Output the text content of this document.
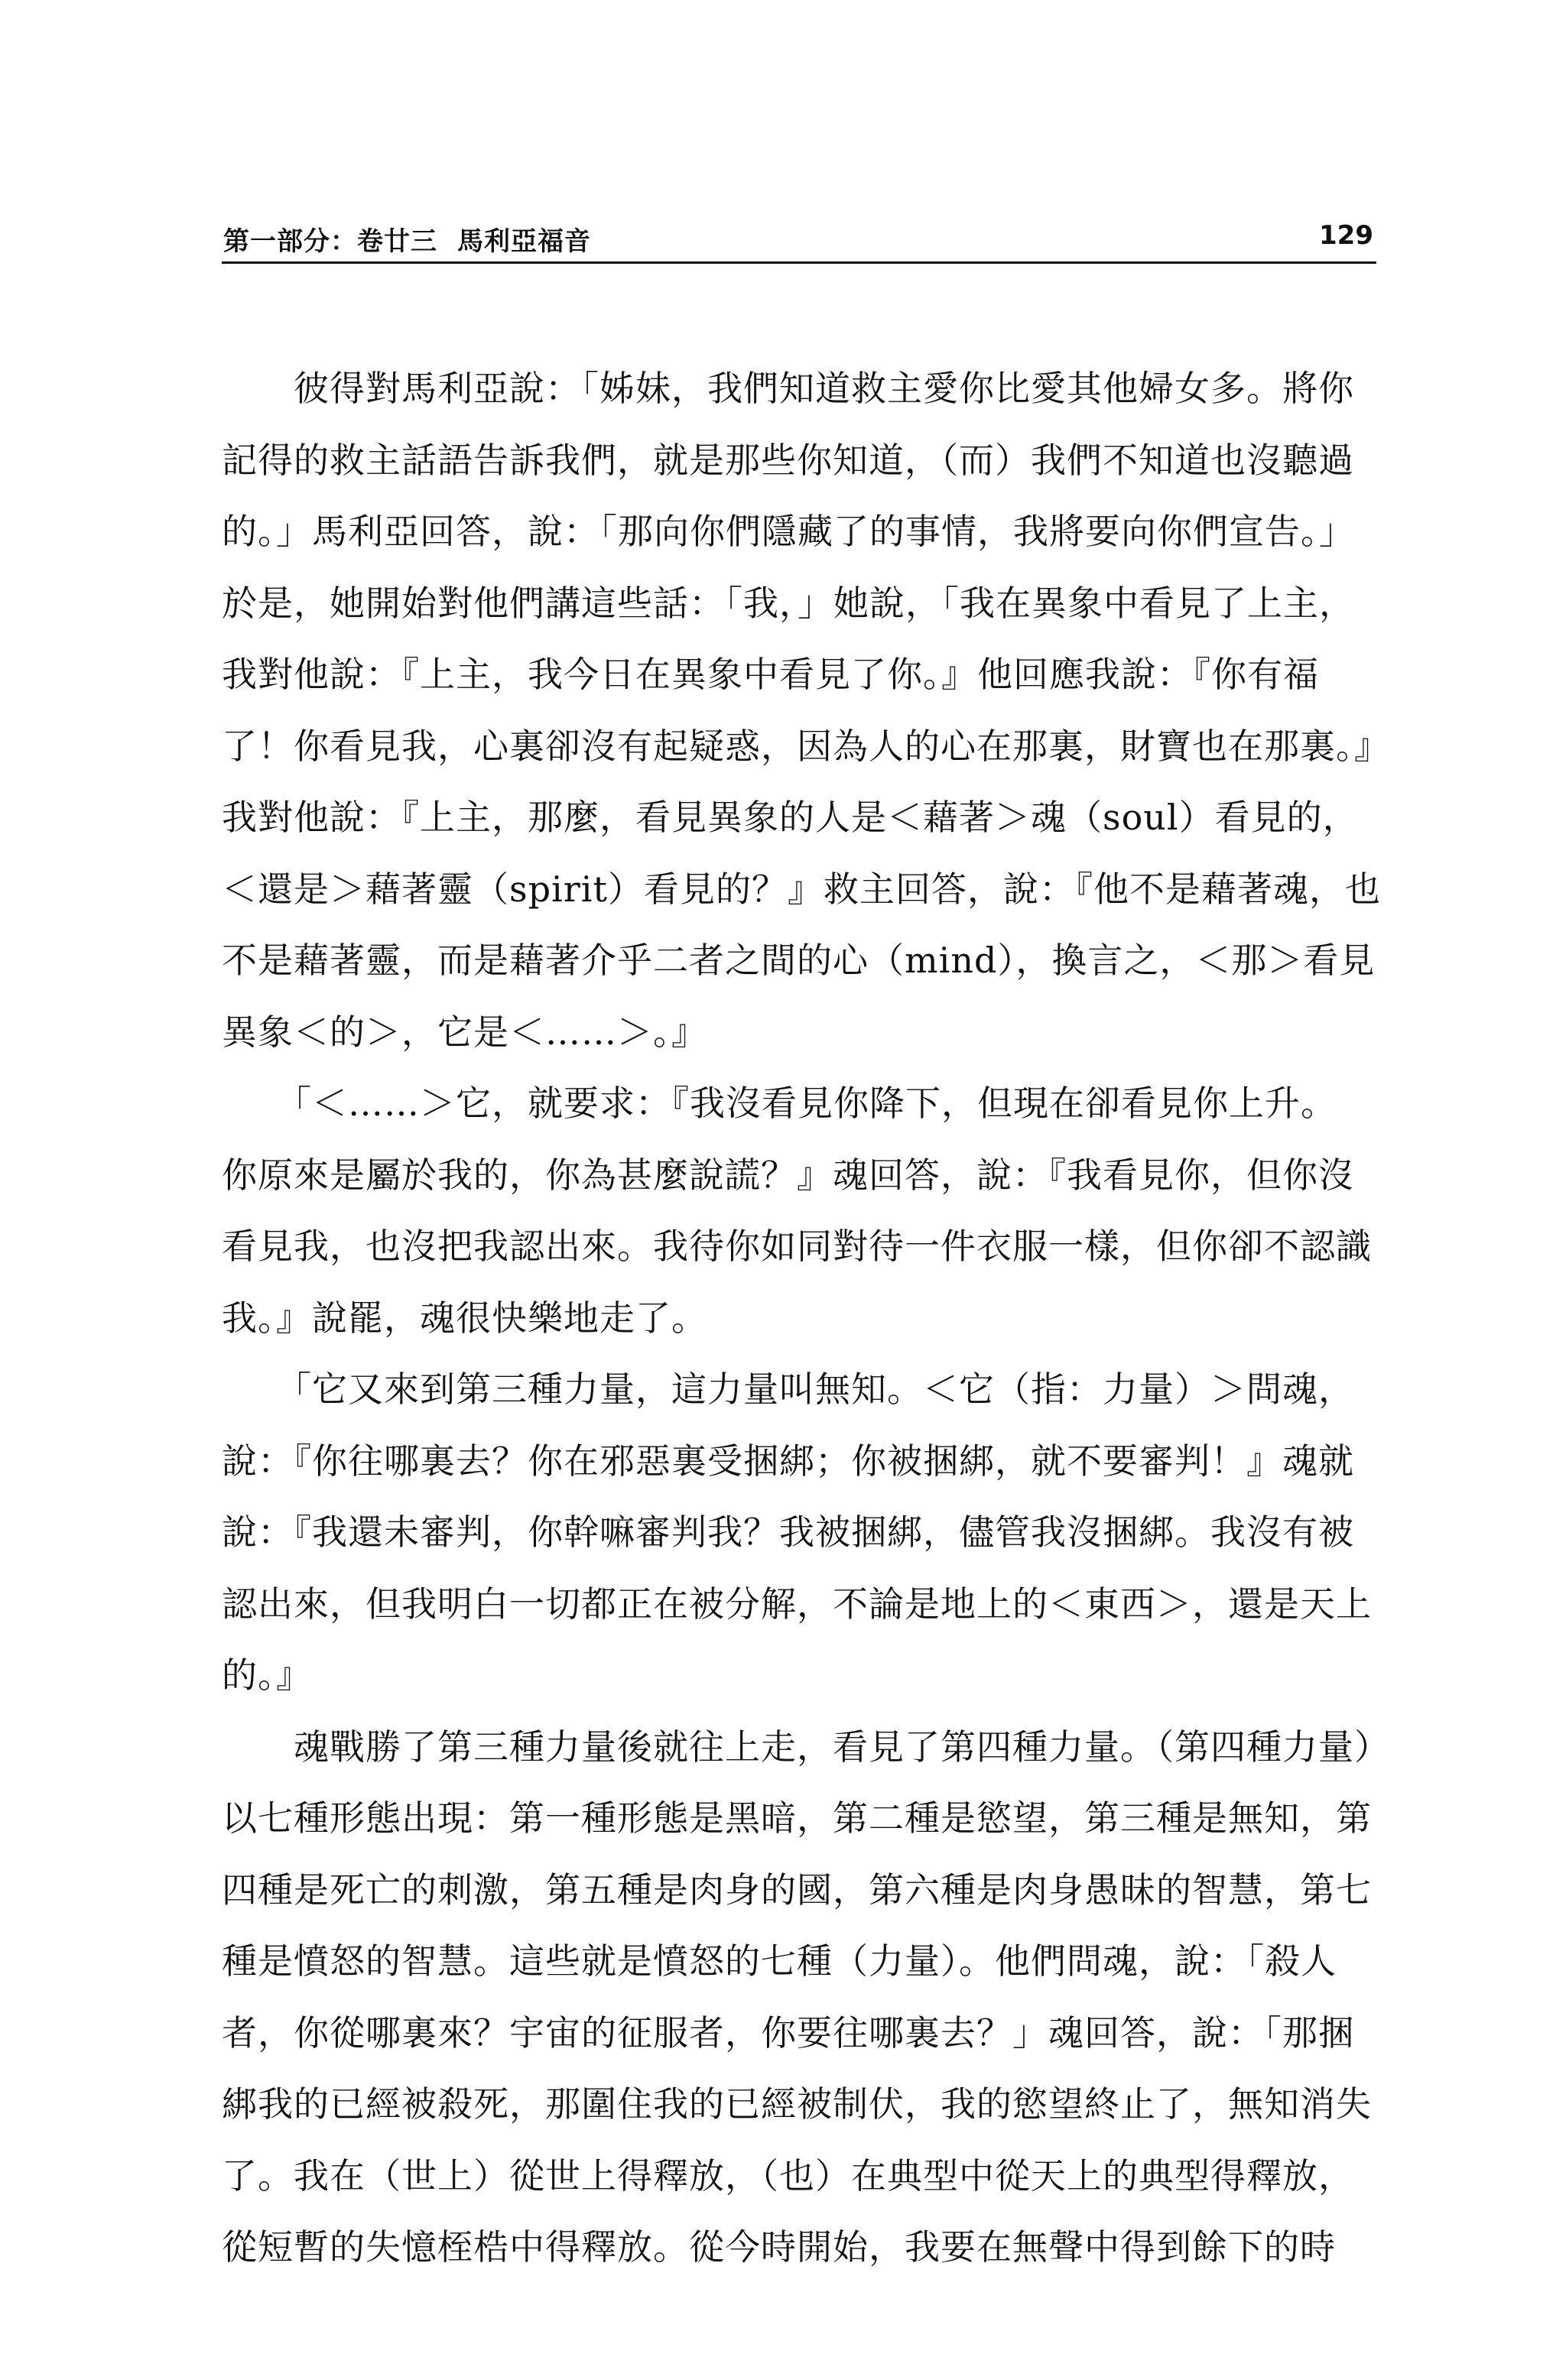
第一部分：卷廿三 馬利亞福音	129
　　彼得對馬利亞說：「姊妹，我們知道救主愛你比愛其他婦女多。將你
記得的救主話語告訴我們，就是那些你知道，（而）我們不知道也沒聽過
的。」馬利亞回答，說：「那向你們隱藏了的事情，我將要向你們宣告。」
於是，她開始對他們講這些話：「我，」她說，「我在異象中看見了上主，
我對他說：『上主，我今日在異象中看見了你。』他回應我說：『你有福
了！你看見我，心裏卻沒有起疑惑，因為人的心在那裏，財寶也在那裏。』
我對他說：『上主，那麼，看見異象的人是＜藉著＞魂（soul）看見的，
＜還是＞藉著靈（spirit）看見的？』救主回答，說：『他不是藉著魂，也
不是藉著靈，而是藉著介乎二者之間的心（mind），換言之，＜那＞看見
異象＜的＞，它是＜……＞。』
　　「＜……＞它，就要求：『我沒看見你降下，但現在卻看見你上升。
你原來是屬於我的，你為甚麼說謊？』魂回答，說：『我看見你，但你沒
看見我，也沒把我認出來。我待你如同對待一件衣服一樣，但你卻不認識
我。』說罷，魂很快樂地走了。
　　「它又來到第三種力量，這力量叫無知。＜它（指：力量）＞問魂，
說：『你往哪裏去？你在邪惡裏受捆綁；你被捆綁，就不要審判！』魂就
說：『我還未審判，你幹嘛審判我？我被捆綁，儘管我沒捆綁。我沒有被
認出來，但我明白一切都正在被分解，不論是地上的＜東西＞，還是天上
的。』
　　魂戰勝了第三種力量後就往上走，看見了第四種力量。（第四種力量）
以七種形態出現：第一種形態是黑暗，第二種是慾望，第三種是無知，第
四種是死亡的刺激，第五種是肉身的國，第六種是肉身愚昧的智慧，第七
種是憤怒的智慧。這些就是憤怒的七種（力量）。他們問魂，說：「殺人
者，你從哪裏來？宇宙的征服者，你要往哪裏去？」魂回答，說：「那捆
綁我的已經被殺死，那圍住我的已經被制伏，我的慾望終止了，無知消失
了。我在（世上）從世上得釋放，（也）在典型中從天上的典型得釋放，
從短暫的失憶桎梏中得釋放。從今時開始，我要在無聲中得到餘下的時
